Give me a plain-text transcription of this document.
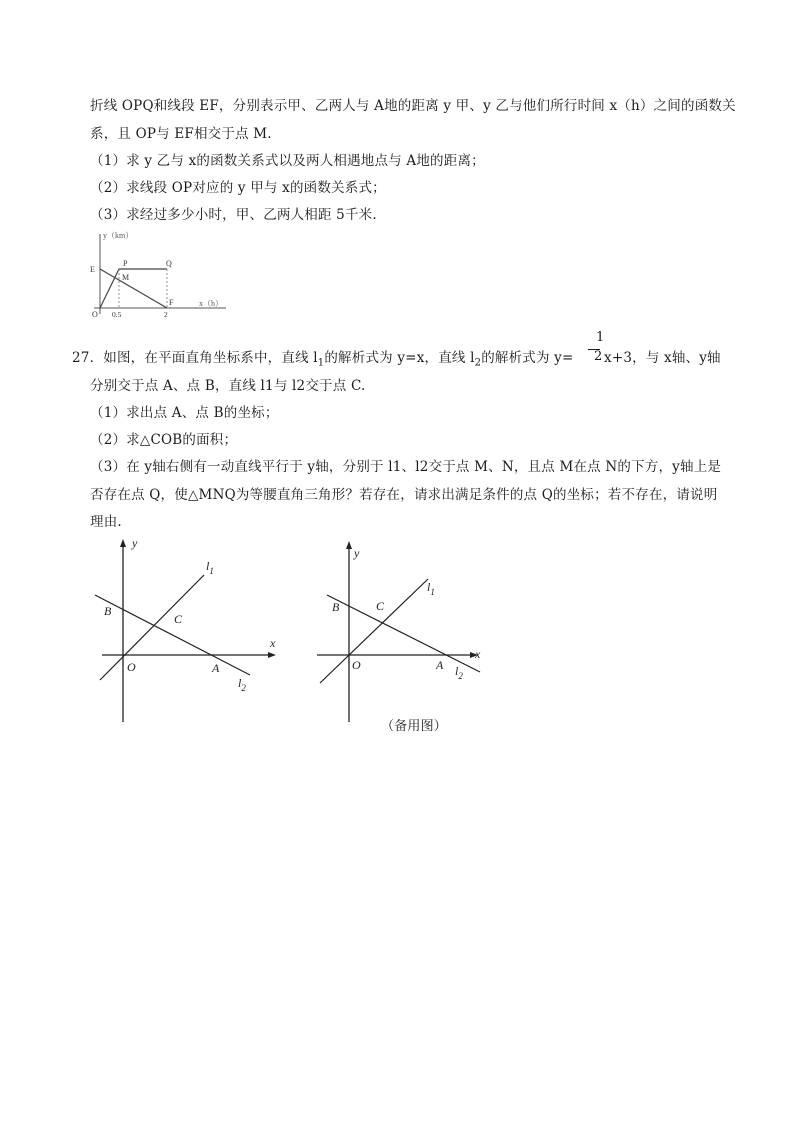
折线 OPQ和线段 EF，分别表示甲、乙两人与 A地的距离 y 甲、y 乙与他们所行时间 x（h）之间的函数关
系，且 OP与 EF相交于点 M.
（1）求 y 乙与 x的函数关系式以及两人相遇地点与 A地的距离；
（2）求线段 OP对应的 y 甲与 x的函数关系式；
（3）求经过多少小时，甲、乙两人相距 5千米.
y（km）
x（h）
E
P	Q
M
O
F
0.5	2
27．如图，在平面直角坐标系中，直线 $l_1$的解析式为 y=x，直线 $l_2$的解析式为 y=
1
2 x+3，与 x轴、y轴
分别交于点 A、点 B，直线 l1与 l2交于点 C.
（1）求出点 A、点 B的坐标；
（2）求△COB的面积；
（3）在 y轴右侧有一动直线平行于 y轴，分别于 l1、l2交于点 M、N，且点 M在点 N的下方，y轴上是
否存在点 Q，使△MNQ为等腰直角三角形？若存在，请求出满足条件的点 Q的坐标；若不存在，请说明
理由.
y
x
$l_1$
$l_2$
B
C
O	A
y
x
$l_1$
$l_2$
B	C
O	A
（备用图）
